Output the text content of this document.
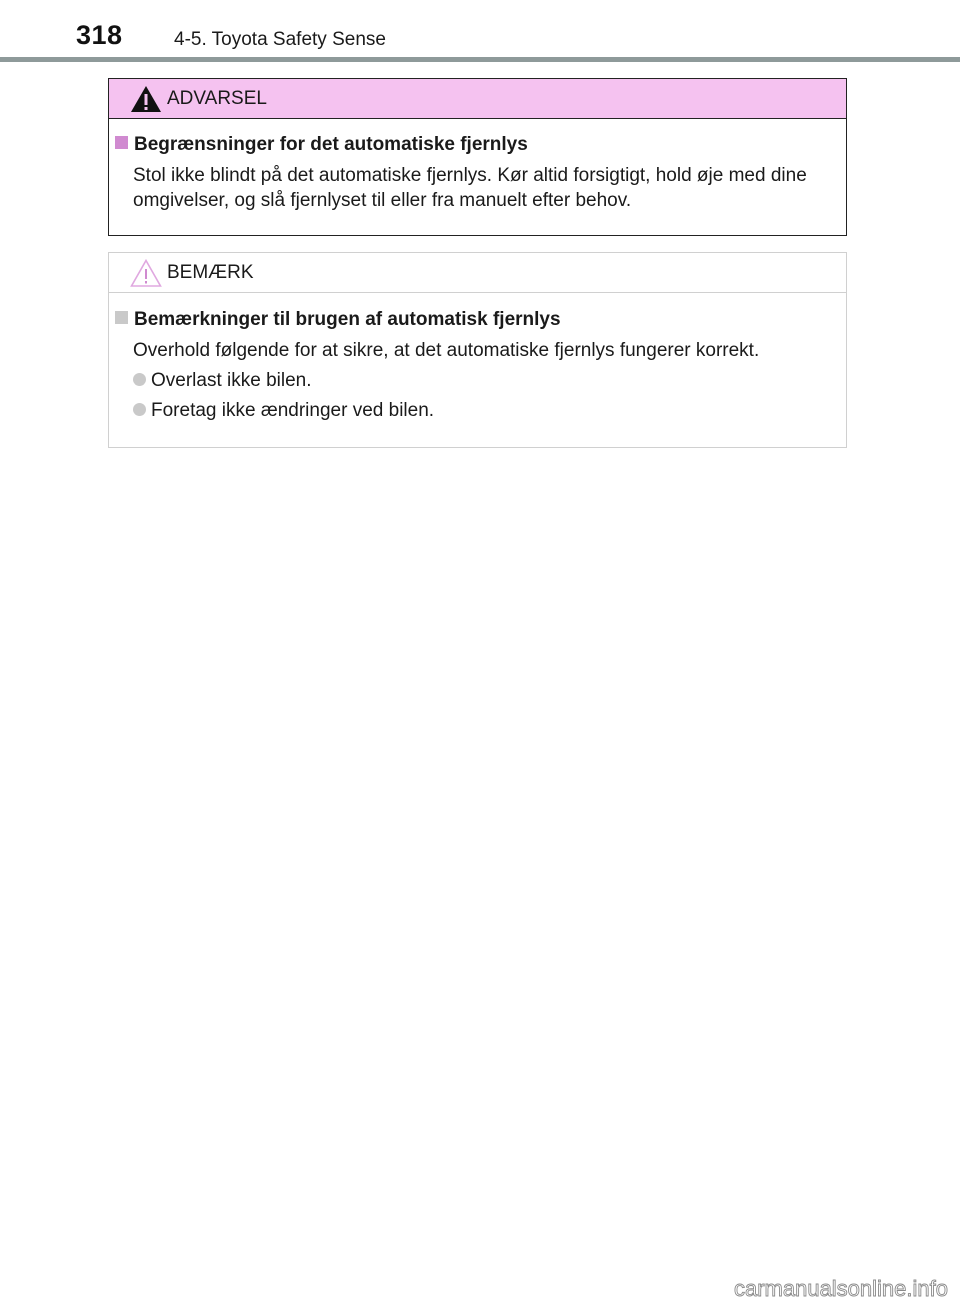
318	4-5. Toyota Safety Sense
ADVARSEL
Begrænsninger for det automatiske fjernlys
Stol ikke blindt på det automatiske fjernlys. Kør altid forsigtigt, hold øje med dine omgivelser, og slå fjernlyset til eller fra manuelt efter behov.
BEMÆRK
Bemærkninger til brugen af automatisk fjernlys
Overhold følgende for at sikre, at det automatiske fjernlys fungerer korrekt.
Overlast ikke bilen.
Foretag ikke ændringer ved bilen.
carmanualsonline.info
